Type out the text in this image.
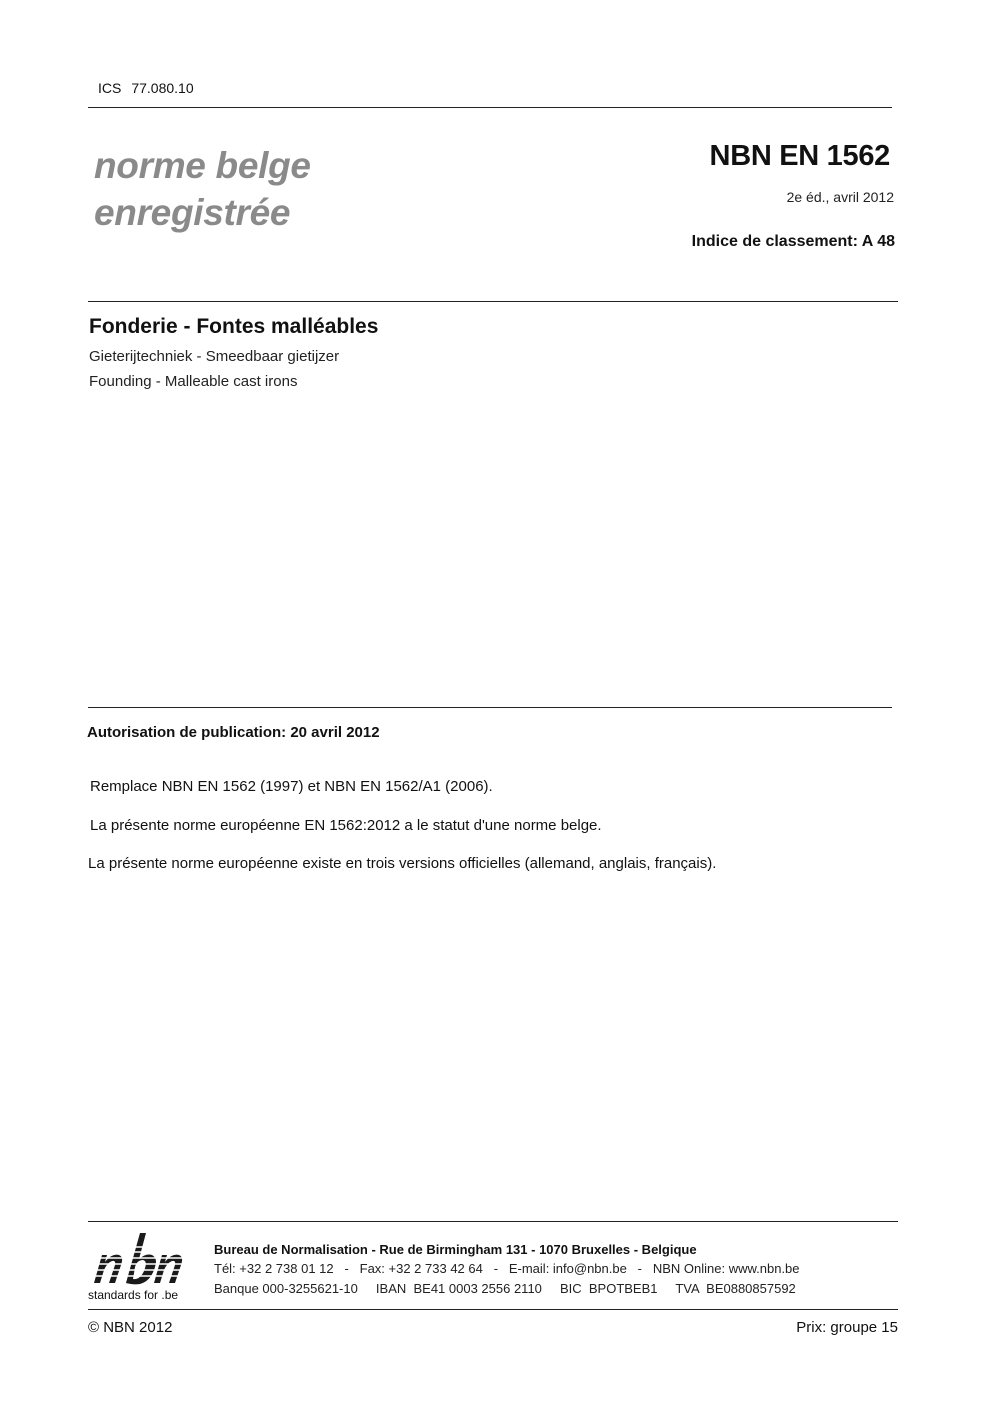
ICS 77.080.10
norme belge
enregistrée
NBN EN 1562
2e éd., avril 2012
Indice de classement: A 48
Fonderie - Fontes malléables
Gieterijtechniek - Smeedbaar gietijzer
Founding - Malleable cast irons
Autorisation de publication: 20 avril 2012
Remplace NBN EN 1562 (1997) et NBN EN 1562/A1 (2006).
La présente norme européenne EN 1562:2012 a le statut d'une norme belge.
La présente norme européenne existe en trois versions officielles (allemand, anglais, français).
standards for .be
Bureau de Normalisation - Rue de Birmingham 131 - 1070 Bruxelles - Belgique
Tél: +32 2 738 01 12   -   Fax: +32 2 733 42 64   -   E-mail: info@nbn.be   -   NBN Online: www.nbn.be
Banque 000-3255621-10     IBAN  BE41 0003 2556 2110     BIC  BPOTBEB1     TVA  BE0880857592
© NBN 2012	Prix: groupe 15
